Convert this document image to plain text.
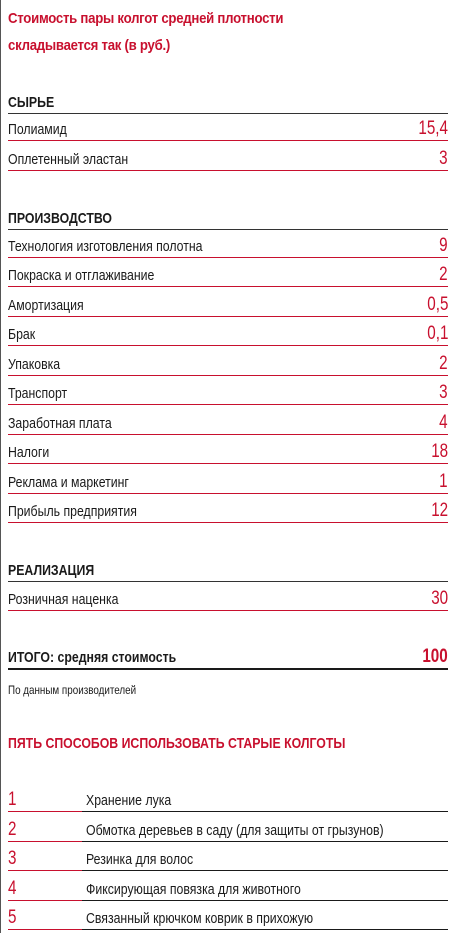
Стоимость пары колгот средней плотности
складывается так (в руб.)
СЫРЬЕ
Полиамид	15,4
Оплетенный эластан	3
ПРОИЗВОДСТВО
Технология изготовления полотна	9
Покраска и отглаживание	2
Амортизация	0,5
Брак	0,1
Упаковка	2
Транспорт	3
Заработная плата	4
Налоги	18
Реклама и маркетинг	1
Прибыль предприятия	12
РЕАЛИЗАЦИЯ
Розничная наценка	30
ИТОГО: средняя стоимость	100
По данным производителей
ПЯТЬ СПОСОБОВ ИСПОЛЬЗОВАТЬ СТАРЫЕ КОЛГОТЫ
1	Хранение лука
2	Обмотка деревьев в саду (для защиты от грызунов)
3	Резинка для волос
4	Фиксирующая повязка для животного
5	Связанный крючком коврик в прихожую
